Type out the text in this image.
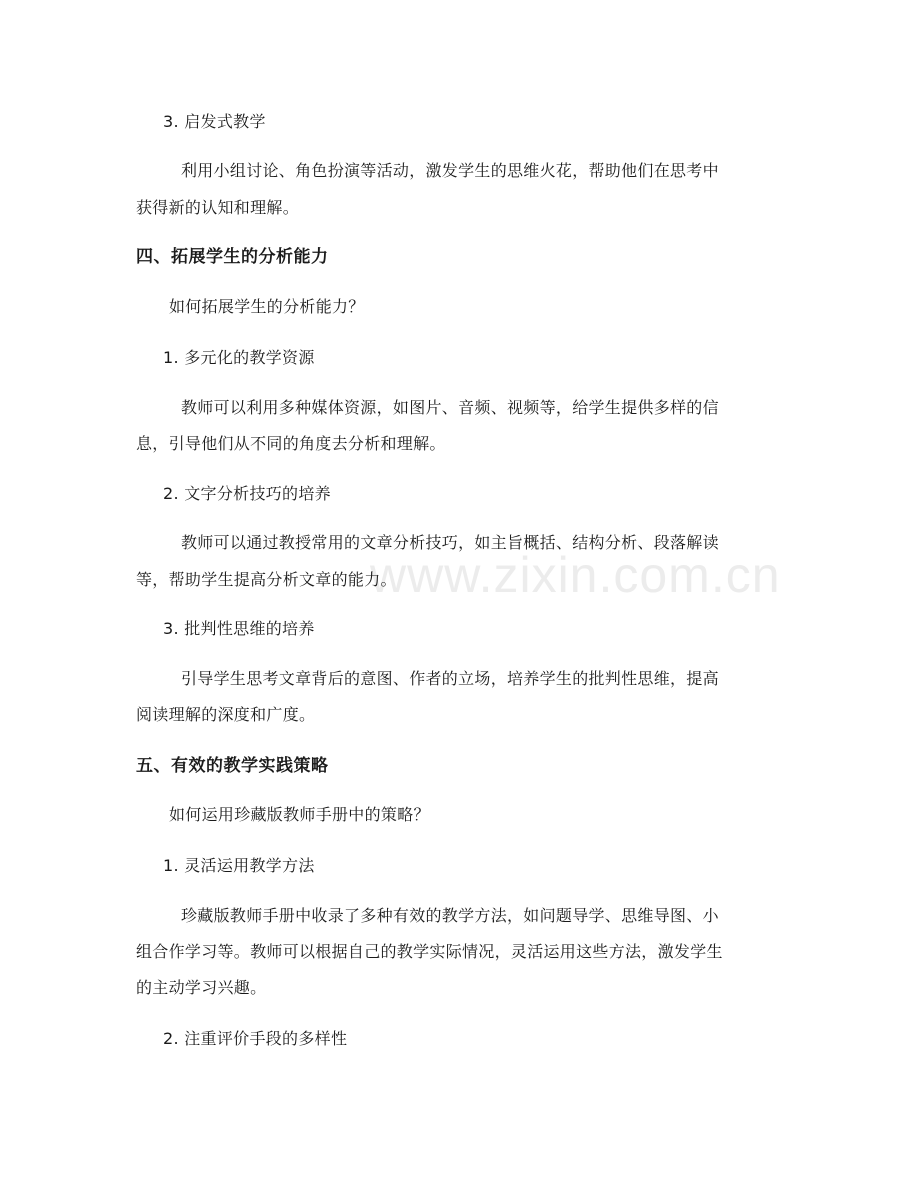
www.zixin.com.cn
3. 启发式教学
利用小组讨论、角色扮演等活动，激发学生的思维火花，帮助他们在思考中
获得新的认知和理解。
四、拓展学生的分析能力
如何拓展学生的分析能力？
1. 多元化的教学资源
教师可以利用多种媒体资源，如图片、音频、视频等，给学生提供多样的信
息，引导他们从不同的角度去分析和理解。
2. 文字分析技巧的培养
教师可以通过教授常用的文章分析技巧，如主旨概括、结构分析、段落解读
等，帮助学生提高分析文章的能力。
3. 批判性思维的培养
引导学生思考文章背后的意图、作者的立场，培养学生的批判性思维，提高
阅读理解的深度和广度。
五、有效的教学实践策略
如何运用珍藏版教师手册中的策略？
1. 灵活运用教学方法
珍藏版教师手册中收录了多种有效的教学方法，如问题导学、思维导图、小
组合作学习等。教师可以根据自己的教学实际情况，灵活运用这些方法，激发学生
的主动学习兴趣。
2. 注重评价手段的多样性
